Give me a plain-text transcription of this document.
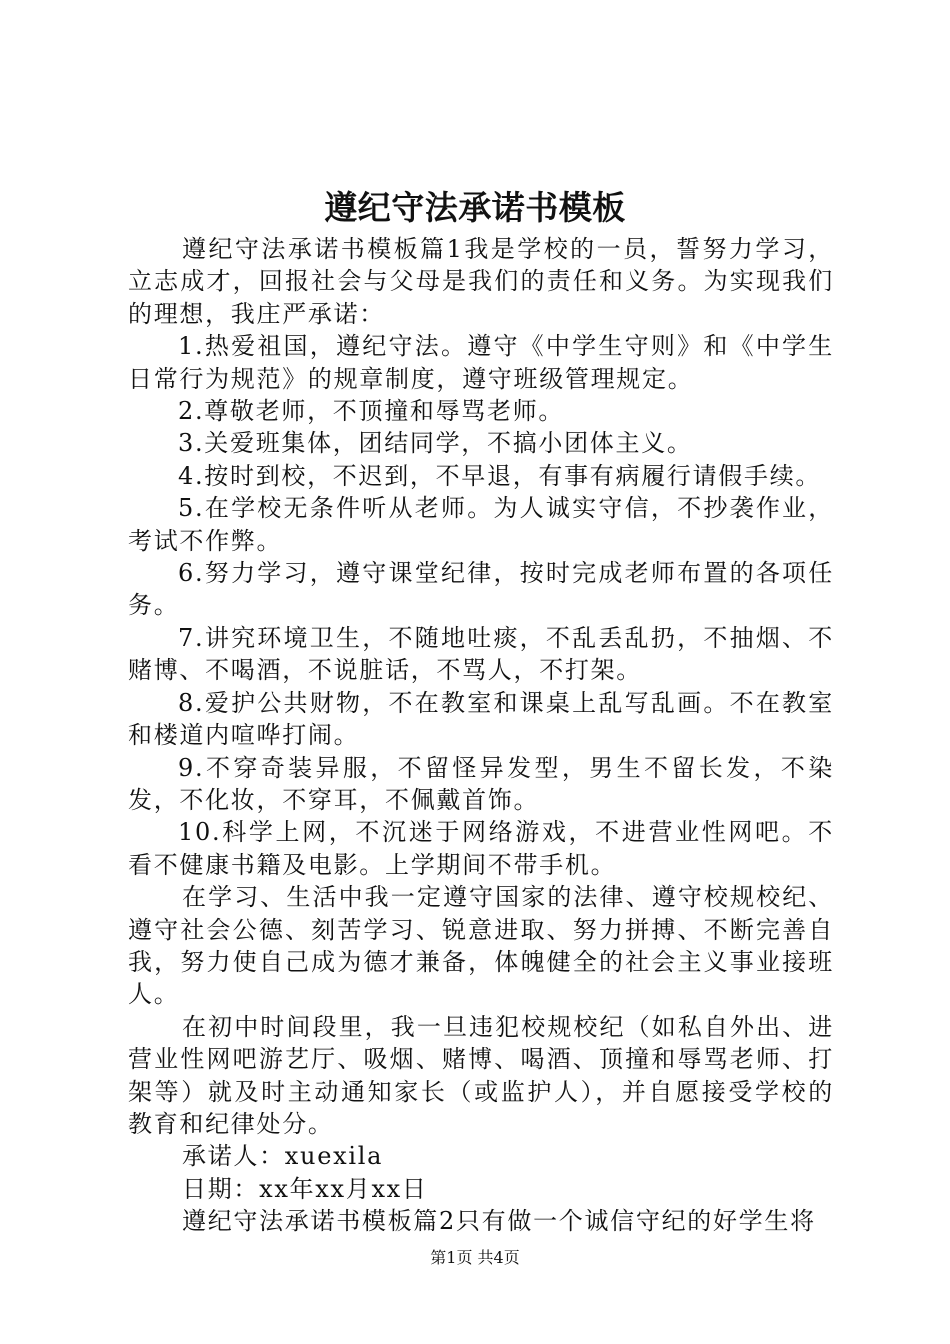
遵纪守法承诺书模板

遵纪守法承诺书模板篇1我是学校的一员，誓努力学习，立志成才，回报社会与父母是我们的责任和义务。为实现我们的理想，我庄严承诺：

1.热爱祖国，遵纪守法。遵守《中学生守则》和《中学生日常行为规范》的规章制度，遵守班级管理规定。

2.尊敬老师，不顶撞和辱骂老师。

3.关爱班集体，团结同学，不搞小团体主义。

4.按时到校，不迟到，不早退，有事有病履行请假手续。

5.在学校无条件听从老师。为人诚实守信，不抄袭作业，考试不作弊。

6.努力学习，遵守课堂纪律，按时完成老师布置的各项任务。

7.讲究环境卫生，不随地吐痰，不乱丢乱扔，不抽烟、不赌博、不喝酒，不说脏话，不骂人，不打架。

8.爱护公共财物，不在教室和课桌上乱写乱画。不在教室和楼道内喧哗打闹。

9.不穿奇装异服，不留怪异发型，男生不留长发，不染发，不化妆，不穿耳，不佩戴首饰。

10.科学上网，不沉迷于网络游戏，不进营业性网吧。不看不健康书籍及电影。上学期间不带手机。

在学习、生活中我一定遵守国家的法律、遵守校规校纪、遵守社会公德、刻苦学习、锐意进取、努力拼搏、不断完善自我，努力使自己成为德才兼备，体魄健全的社会主义事业接班人。

在初中时间段里，我一旦违犯校规校纪（如私自外出、进营业性网吧游艺厅、吸烟、赌博、喝酒、顶撞和辱骂老师、打架等）就及时主动通知家长（或监护人），并自愿接受学校的教育和纪律处分。

承诺人：xuexila

日期：xx年xx月xx日

遵纪守法承诺书模板篇2只有做一个诚信守纪的好学生将

第1页 共4页
